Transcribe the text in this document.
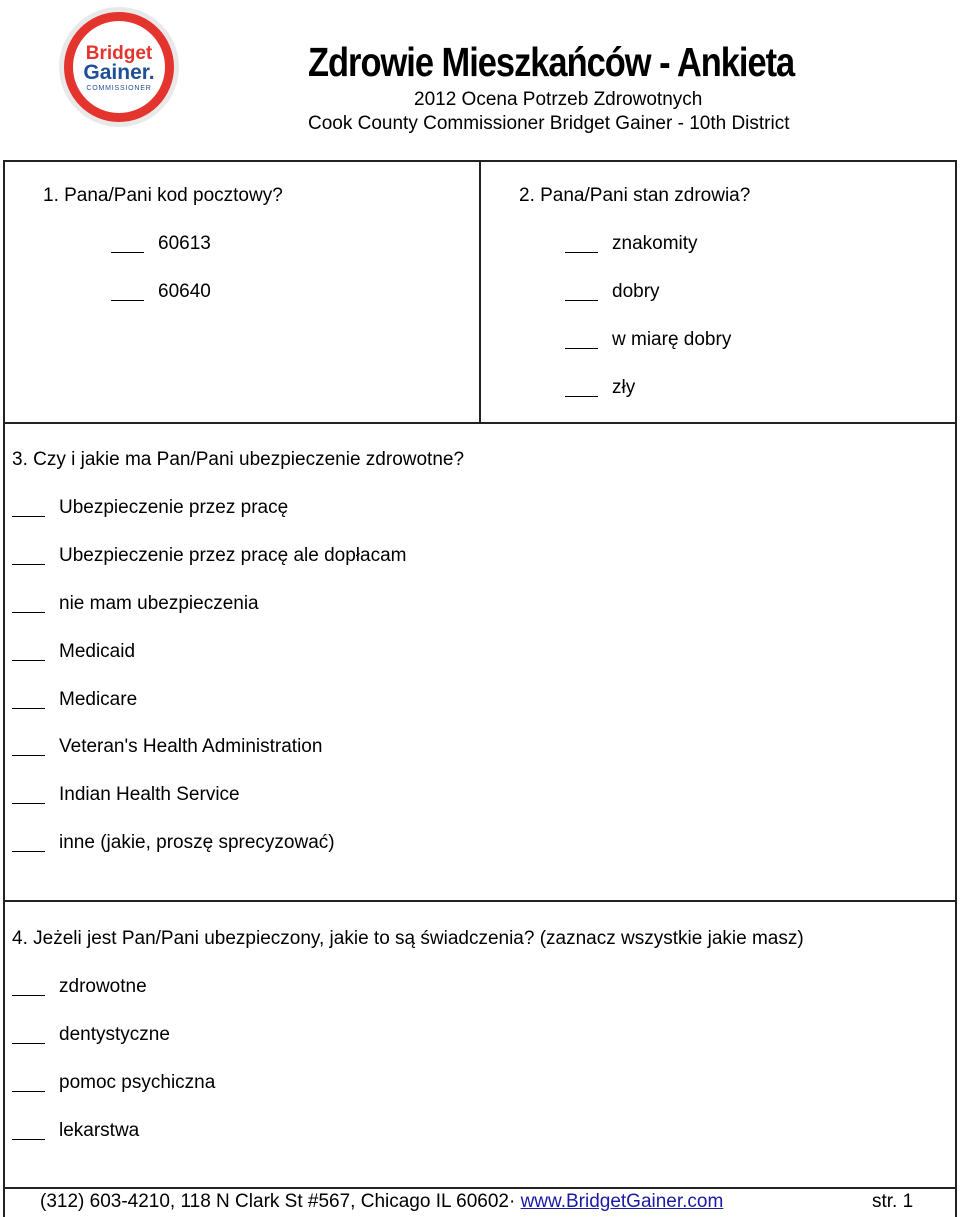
Bridget
Gainer.
COMMISSIONER
Zdrowie Mieszkańców - Ankieta
2012 Ocena Potrzeb Zdrowotnych
Cook County Commissioner Bridget Gainer - 10th District
1. Pana/Pani kod pocztowy?
60613
60640
2. Pana/Pani stan zdrowia?
znakomity
dobry
w miarę dobry
zły
3. Czy i jakie ma Pan/Pani ubezpieczenie zdrowotne?
Ubezpieczenie przez pracę
Ubezpieczenie przez pracę ale dopłacam
nie mam ubezpieczenia
Medicaid
Medicare
Veteran's Health Administration
Indian Health Service
inne (jakie, proszę sprecyzować)
4. Jeżeli jest Pan/Pani ubezpieczony, jakie to są świadczenia? (zaznacz wszystkie jakie masz)
zdrowotne
dentystyczne
pomoc psychiczna
lekarstwa
(312) 603-4210, 118 N Clark St #567, Chicago IL 60602· www.BridgetGainer.com	str. 1
